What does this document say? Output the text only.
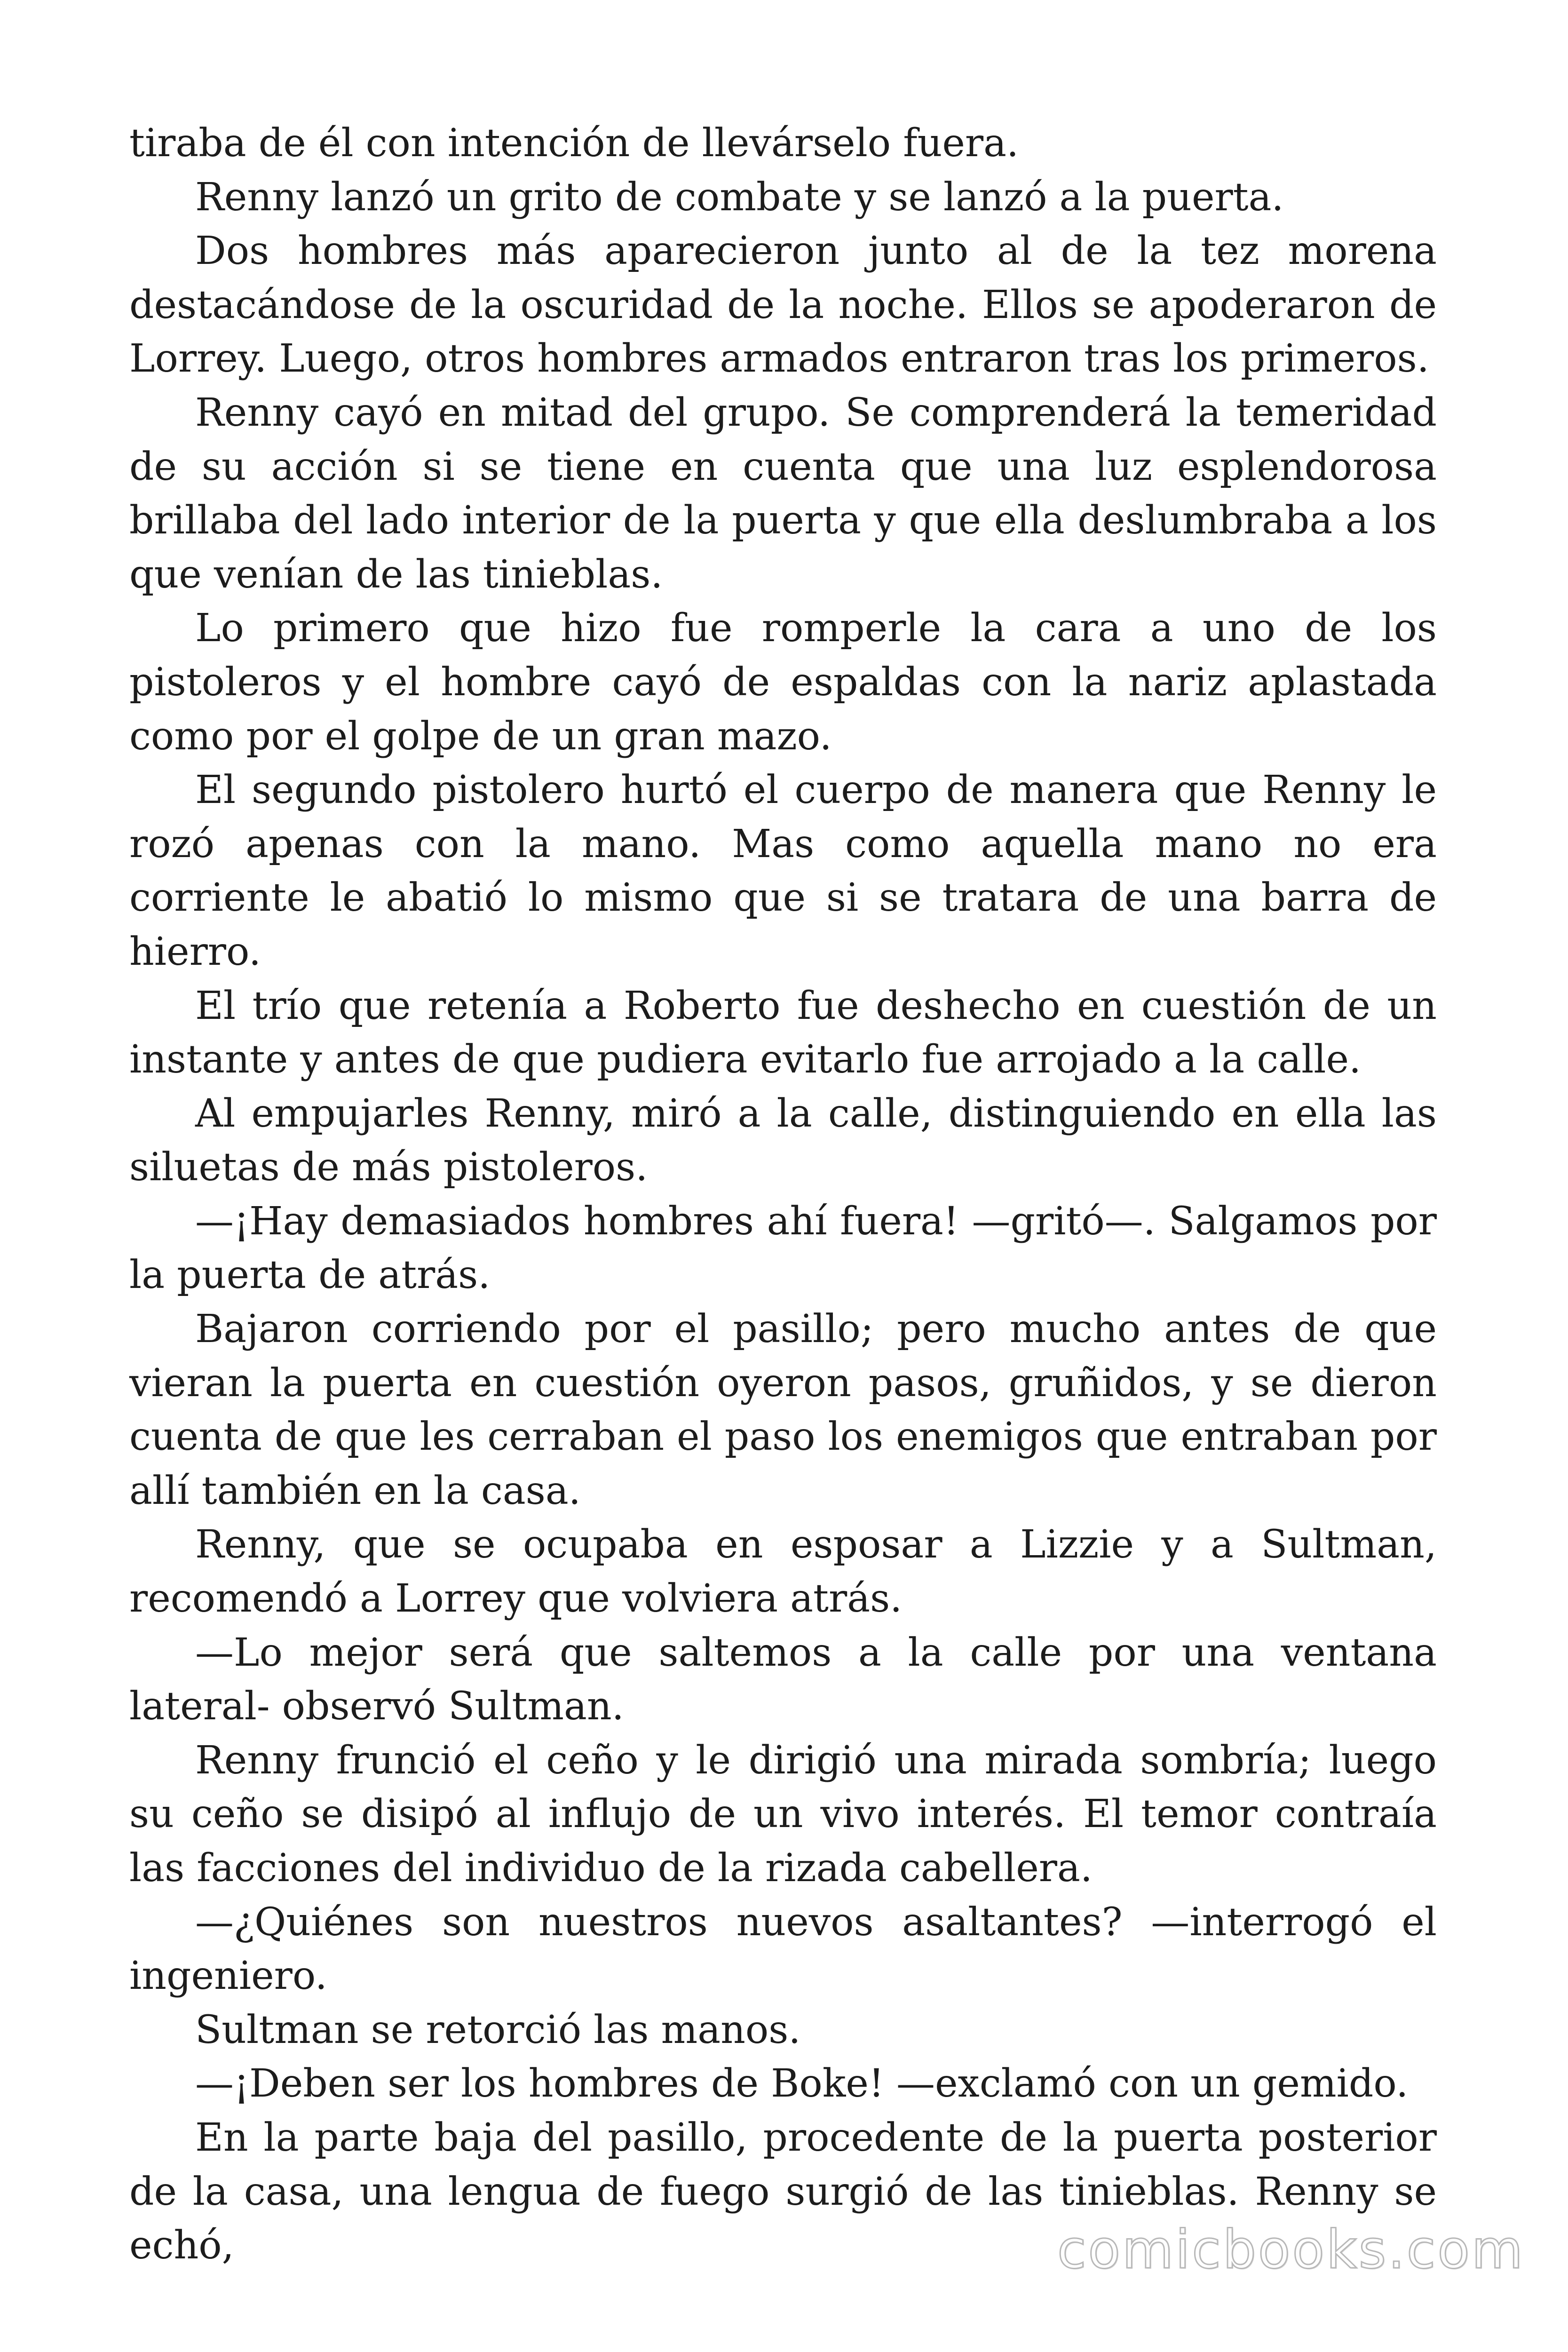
tiraba de él con intención de llevárselo fuera.

Renny lanzó un grito de combate y se lanzó a la puerta.

Dos hombres más aparecieron junto al de la tez morena destacándose de la oscuridad de la noche. Ellos se apoderaron de Lorrey. Luego, otros hombres armados entraron tras los primeros.

Renny cayó en mitad del grupo. Se comprenderá la temeridad de su acción si se tiene en cuenta que una luz esplendorosa brillaba del lado interior de la puerta y que ella deslumbraba a los que venían de las tinieblas.

Lo primero que hizo fue romperle la cara a uno de los pistoleros y el hombre cayó de espaldas con la nariz aplastada como por el golpe de un gran mazo.

El segundo pistolero hurtó el cuerpo de manera que Renny le rozó apenas con la mano. Mas como aquella mano no era corriente le abatió lo mismo que si se tratara de una barra de hierro.

El trío que retenía a Roberto fue deshecho en cuestión de un instante y antes de que pudiera evitarlo fue arrojado a la calle.

Al empujarles Renny, miró a la calle, distinguiendo en ella las siluetas de más pistoleros.

—¡Hay demasiados hombres ahí fuera! —gritó—. Salgamos por la puerta de atrás.

Bajaron corriendo por el pasillo; pero mucho antes de que vieran la puerta en cuestión oyeron pasos, gruñidos, y se dieron cuenta de que les cerraban el paso los enemigos que entraban por allí también en la casa.

Renny, que se ocupaba en esposar a Lizzie y a Sultman, recomendó a Lorrey que volviera atrás.

—Lo mejor será que saltemos a la calle por una ventana lateral- observó Sultman.

Renny frunció el ceño y le dirigió una mirada sombría; luego su ceño se disipó al influjo de un vivo interés. El temor contraía las facciones del individuo de la rizada cabellera.

—¿Quiénes son nuestros nuevos asaltantes? —interrogó el ingeniero.

Sultman se retorció las manos.

—¡Deben ser los hombres de Boke! —exclamó con un gemido.

En la parte baja del pasillo, procedente de la puerta posterior de la casa, una lengua de fuego surgió de las tinieblas. Renny se echó,	comicbooks.com
